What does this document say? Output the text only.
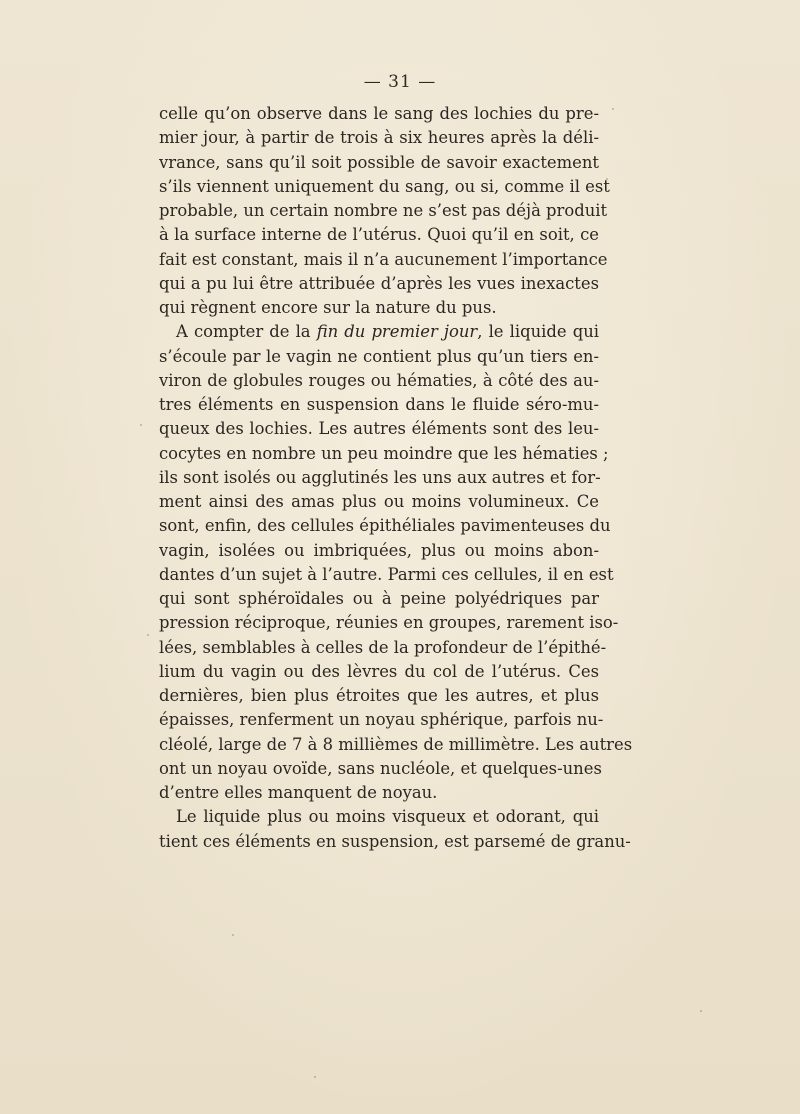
— 31 —
celle qu’on observe dans le sang des lochies du pre-
mier jour, à partir de trois à six heures après la déli-
vrance, sans qu’il soit possible de savoir exactement
s’ils viennent uniquement du sang, ou si, comme il est
probable, un certain nombre ne s’est pas déjà produit
à la surface interne de l’utérus. Quoi qu’il en soit, ce
fait est constant, mais il n’a aucunement l’importance
qui a pu lui être attribuée d’après les vues inexactes
qui règnent encore sur la nature du pus.
A compter de la fin du premier jour, le liquide qui
s’écoule par le vagin ne contient plus qu’un tiers en-
viron de globules rouges ou hématies, à côté des au-
tres éléments en suspension dans le fluide séro-mu-
queux des lochies. Les autres éléments sont des leu-
cocytes en nombre un peu moindre que les hématies ;
ils sont isolés ou agglutinés les uns aux autres et for-
ment ainsi des amas plus ou moins volumineux. Ce
sont, enfin, des cellules épithéliales pavimenteuses du
vagin, isolées ou imbriquées, plus ou moins abon-
dantes d’un sujet à l’autre. Parmi ces cellules, il en est
qui sont sphéroïdales ou à peine polyédriques par
pression réciproque, réunies en groupes, rarement iso-
lées, semblables à celles de la profondeur de l’épithé-
lium du vagin ou des lèvres du col de l’utérus. Ces
dernières, bien plus étroites que les autres, et plus
épaisses, renferment un noyau sphérique, parfois nu-
cléolé, large de 7 à 8 millièmes de millimètre. Les autres
ont un noyau ovoïde, sans nucléole, et quelques-unes
d’entre elles manquent de noyau.
Le liquide plus ou moins visqueux et odorant, qui
tient ces éléments en suspension, est parsemé de granu-
